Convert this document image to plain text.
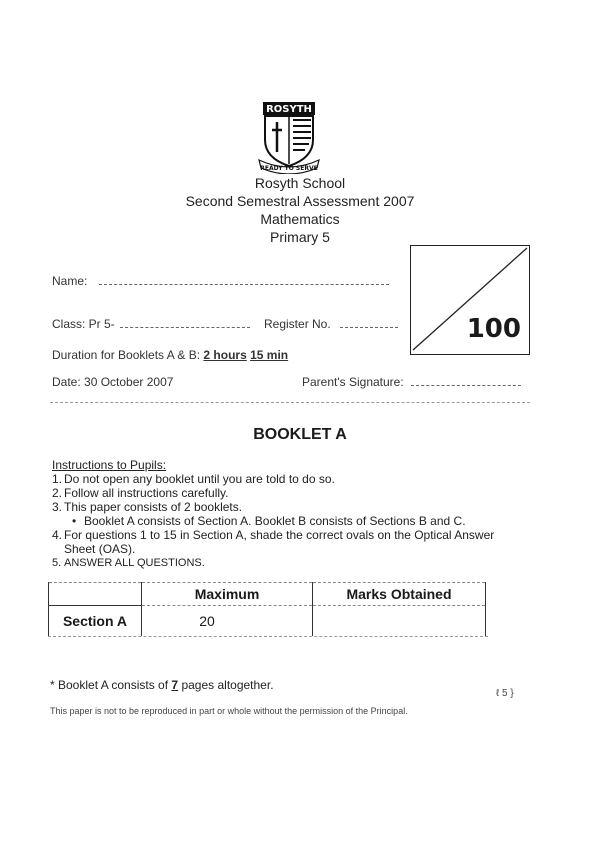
ROSYTH
READY TO SERVE
Rosyth School
Second Semestral Assessment 2007
Mathematics
Primary 5
Name:
Class: Pr 5-	Register No.
Duration for Booklets A & B: 2 hours 15 min
Date: 30 October 2007	Parent's Signature:
100
BOOKLET A
Instructions to Pupils:
1. Do not open any booklet until you are told to do so.
2. Follow all instructions carefully.
3. This paper consists of 2 booklets.
• Booklet A consists of Section A. Booklet B consists of Sections B and C.
4. For questions 1 to 15 in Section A, shade the correct ovals on the Optical Answer
Sheet (OAS).
5. ANSWER ALL QUESTIONS.
	Maximum	Marks Obtained
Section A	20	
* Booklet A consists of 7 pages altogether.
ℓ 5 }
This paper is not to be reproduced in part or whole without the permission of the Principal.
